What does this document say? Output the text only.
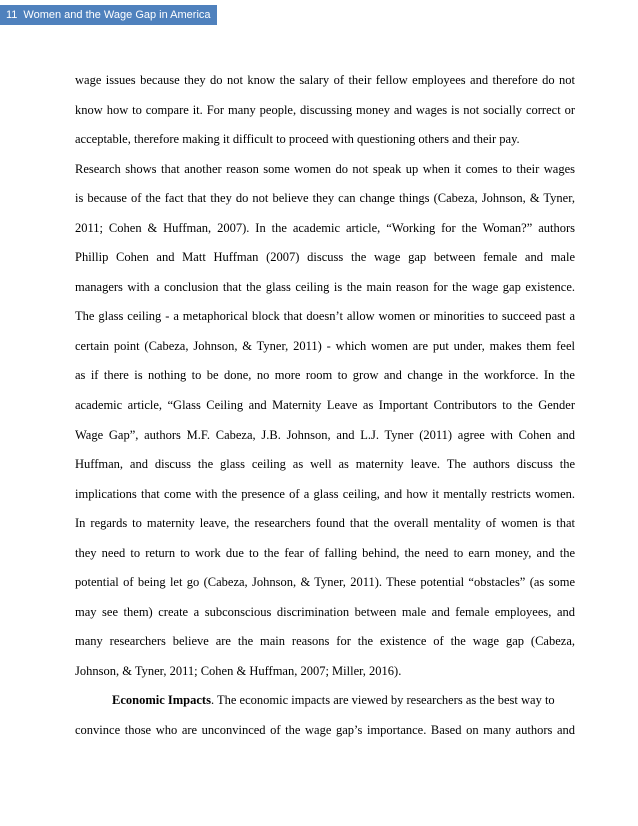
11 Women and the Wage Gap in America
wage issues because they do not know the salary of their fellow employees and therefore do not
know how to compare it. For many people, discussing money and wages is not socially correct or
acceptable, therefore making it difficult to proceed with questioning others and their pay.
Research shows that another reason some women do not speak up when it comes to their wages
is because of the fact that they do not believe they can change things (Cabeza, Johnson, & Tyner,
2011; Cohen & Huffman, 2007). In the academic article, “Working for the Woman?” authors
Phillip Cohen and Matt Huffman (2007) discuss the wage gap between female and male
managers with a conclusion that the glass ceiling is the main reason for the wage gap existence.
The glass ceiling - a metaphorical block that doesn’t allow women or minorities to succeed past a
certain point (Cabeza, Johnson, & Tyner, 2011) - which women are put under, makes them feel
as if there is nothing to be done, no more room to grow and change in the workforce. In the
academic article, “Glass Ceiling and Maternity Leave as Important Contributors to the Gender
Wage Gap”, authors M.F. Cabeza, J.B. Johnson, and L.J. Tyner (2011) agree with Cohen and
Huffman, and discuss the glass ceiling as well as maternity leave. The authors discuss the
implications that come with the presence of a glass ceiling, and how it mentally restricts women.
In regards to maternity leave, the researchers found that the overall mentality of women is that
they need to return to work due to the fear of falling behind, the need to earn money, and the
potential of being let go (Cabeza, Johnson, & Tyner, 2011). These potential “obstacles” (as some
may see them) create a subconscious discrimination between male and female employees, and
many researchers believe are the main reasons for the existence of the wage gap (Cabeza,
Johnson, & Tyner, 2011; Cohen & Huffman, 2007; Miller, 2016).
Economic Impacts. The economic impacts are viewed by researchers as the best way to
convince those who are unconvinced of the wage gap’s importance. Based on many authors and
